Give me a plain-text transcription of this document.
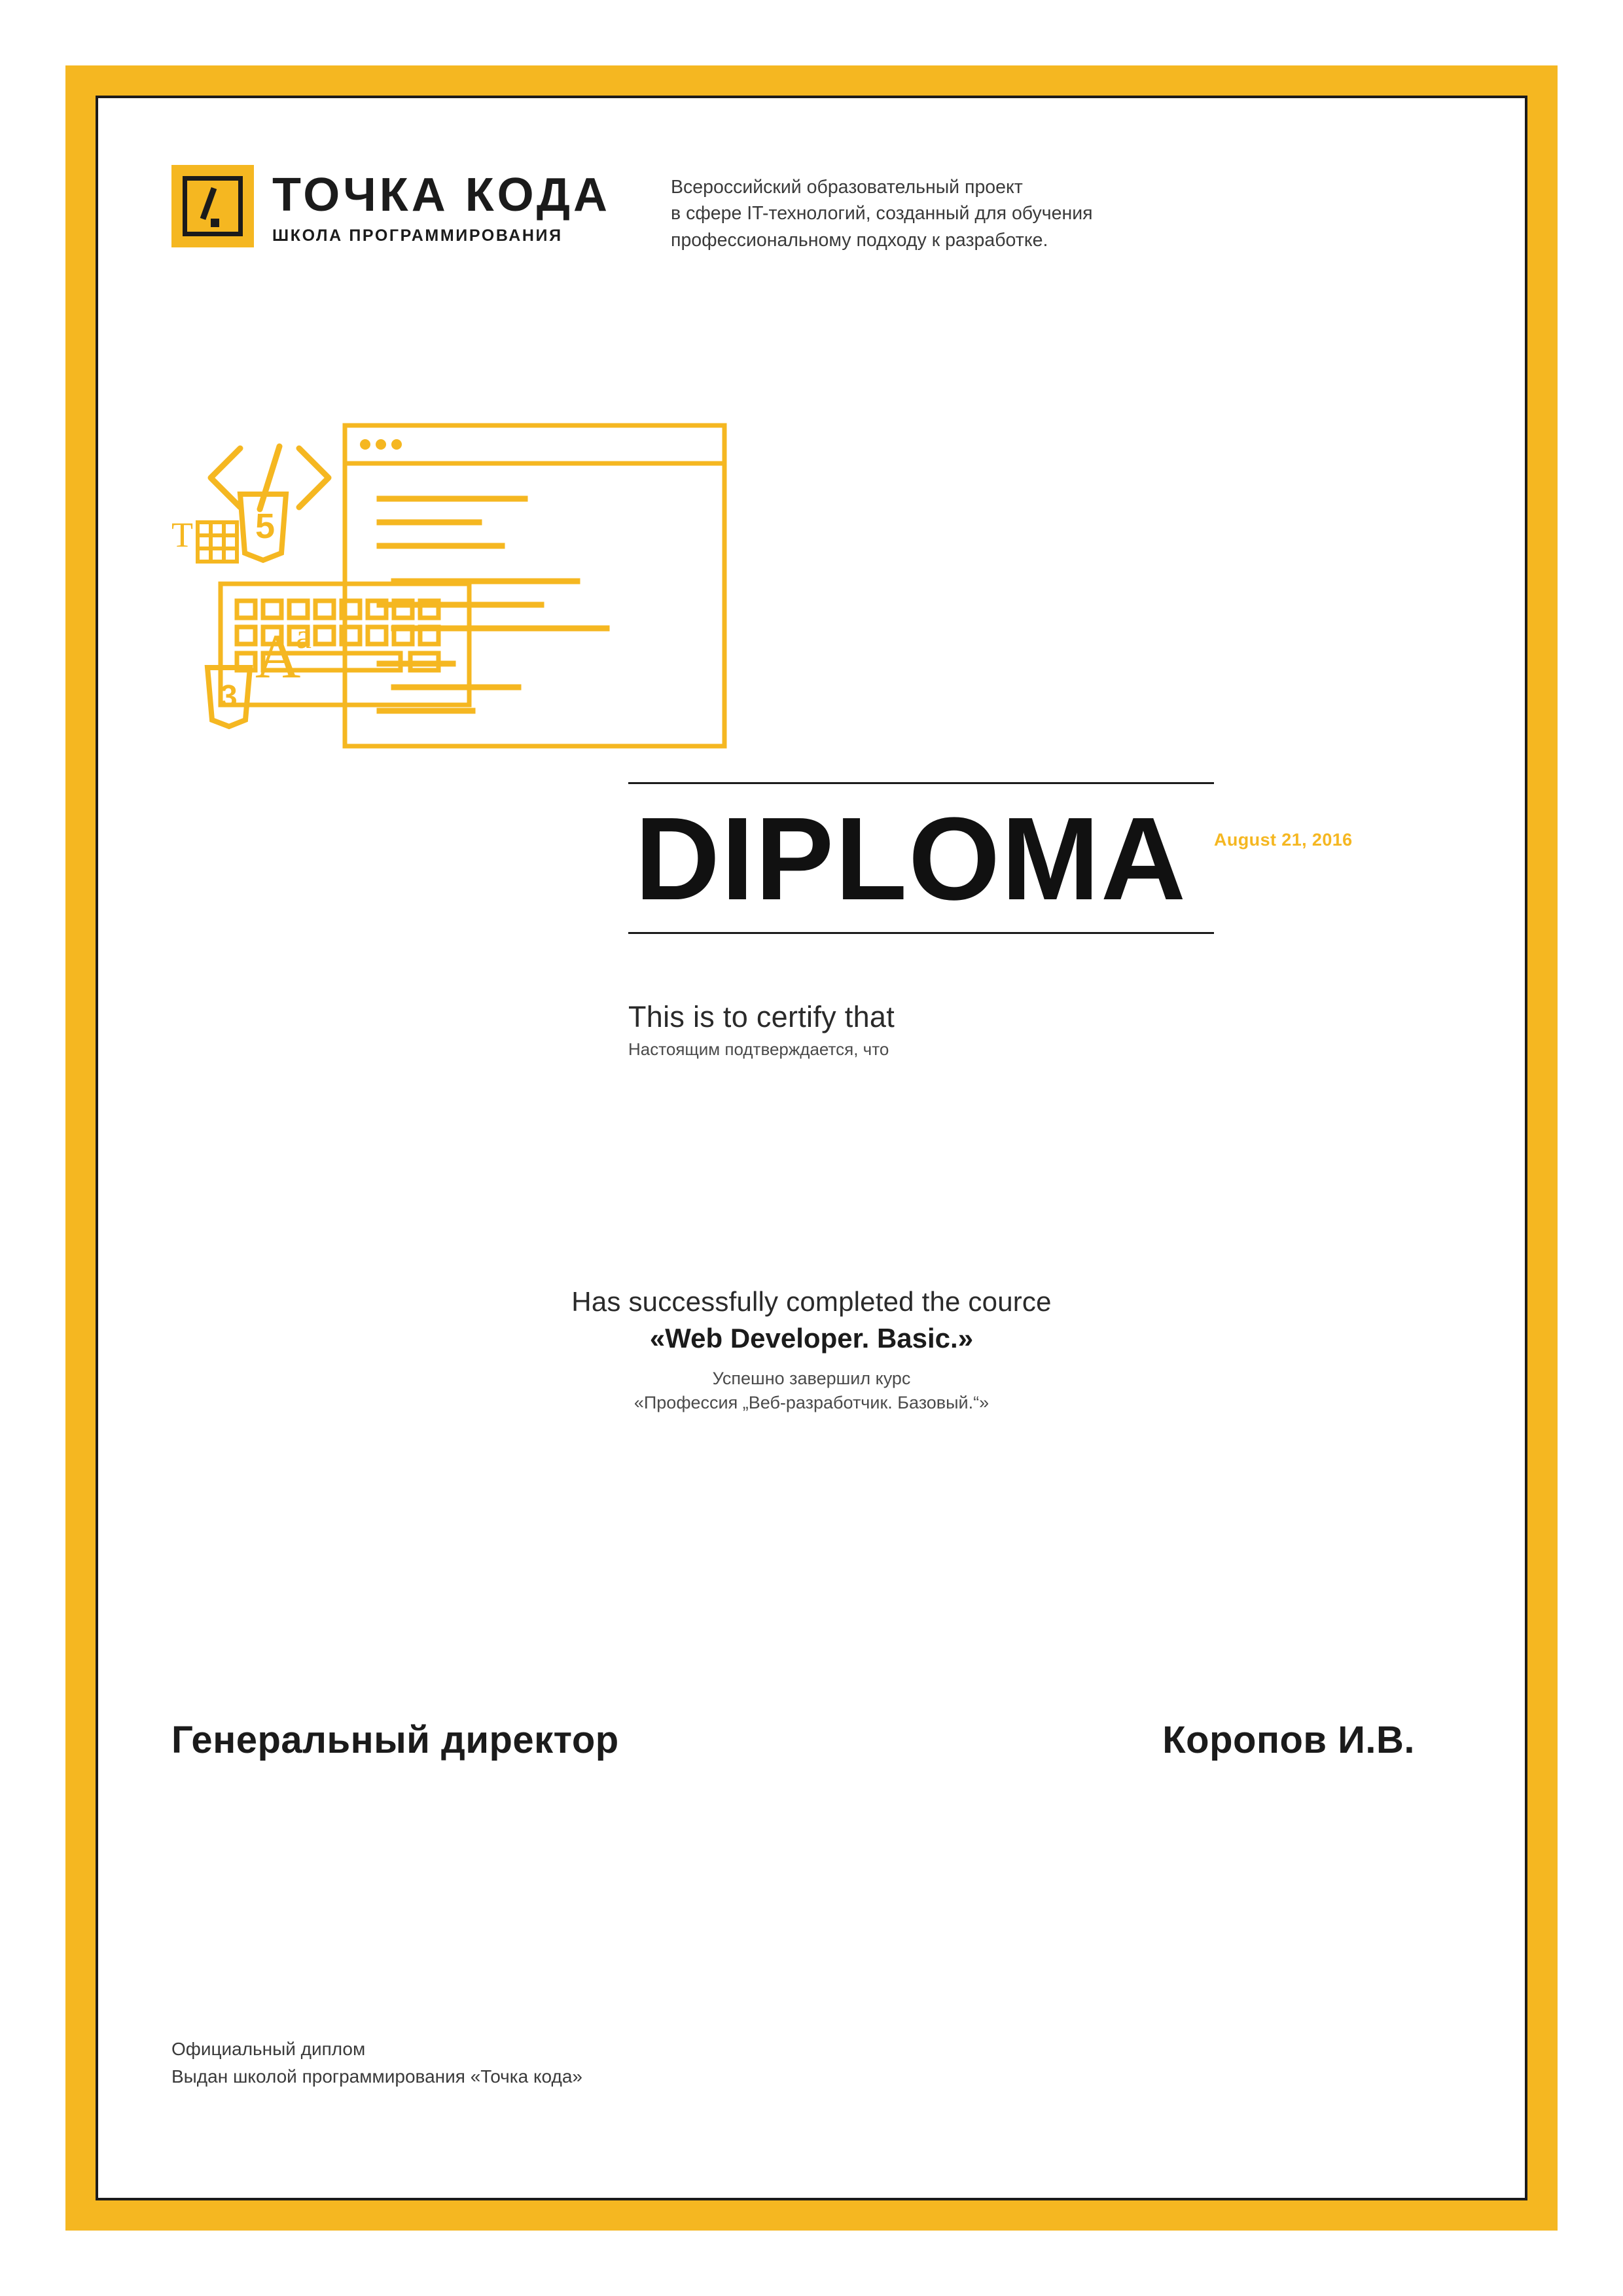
ТОЧКА КОДА
ШКОЛА ПРОГРАММИРОВАНИЯ
Всероссийский образовательный проект
в сфере IT-технологий, созданный для обучения
профессиональному подходу к разработке.
5
T
3
A
a
DIPLOMA	August 21, 2016
This is to certify that
Настоящим подтверждается, что
Has successfully completed the cource
«Web Developer. Basic.»
Успешно завершил курс
«Профессия „Веб-разработчик. Базовый.“»
Генеральный директор	Коропов И.В.
Официальный диплом
Выдан школой программирования «Точка кода»
